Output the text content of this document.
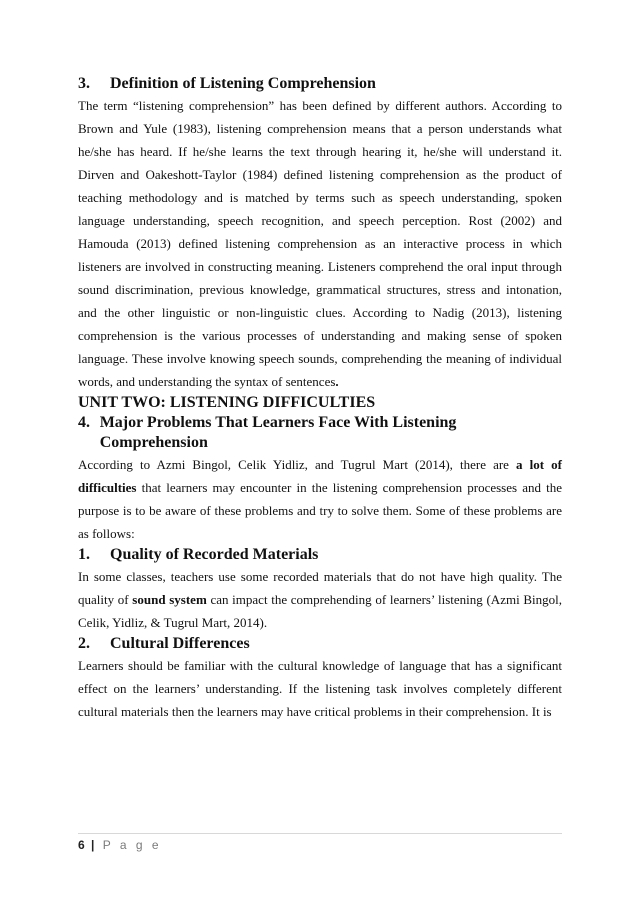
3.	Definition of Listening Comprehension

The term “listening comprehension” has been defined by different authors. According to Brown and Yule (1983), listening comprehension means that a person understands what he/she has heard. If he/she learns the text through hearing it, he/she will understand it. Dirven and Oakeshott-Taylor (1984) defined listening comprehension as the product of teaching methodology and is matched by terms such as speech understanding, spoken language understanding, speech recognition, and speech perception. Rost (2002) and Hamouda (2013) defined listening comprehension as an interactive process in which listeners are involved in constructing meaning. Listeners comprehend the oral input through sound discrimination, previous knowledge, grammatical structures, stress and intonation, and the other linguistic or non-linguistic clues. According to Nadig (2013), listening comprehension is the various processes of understanding and making sense of spoken language. These involve knowing speech sounds, comprehending the meaning of individual words, and understanding the syntax of sentences.

UNIT TWO: LISTENING DIFFICULTIES
4. Major Problems That Learners Face With Listening Comprehension

According to Azmi Bingol, Celik Yidliz, and Tugrul Mart (2014), there are a lot of difficulties that learners may encounter in the listening comprehension processes and the purpose is to be aware of these problems and try to solve them. Some of these problems are as follows:

1.	Quality of Recorded Materials

In some classes, teachers use some recorded materials that do not have high quality. The quality of sound system can impact the comprehending of learners’ listening (Azmi Bingol, Celik, Yidliz, & Tugrul Mart, 2014).

2.	Cultural Differences

Learners should be familiar with the cultural knowledge of language that has a significant effect on the learners’ understanding. If the listening task involves completely different cultural materials then the learners may have critical problems in their comprehension. It is

6 | P a g e
